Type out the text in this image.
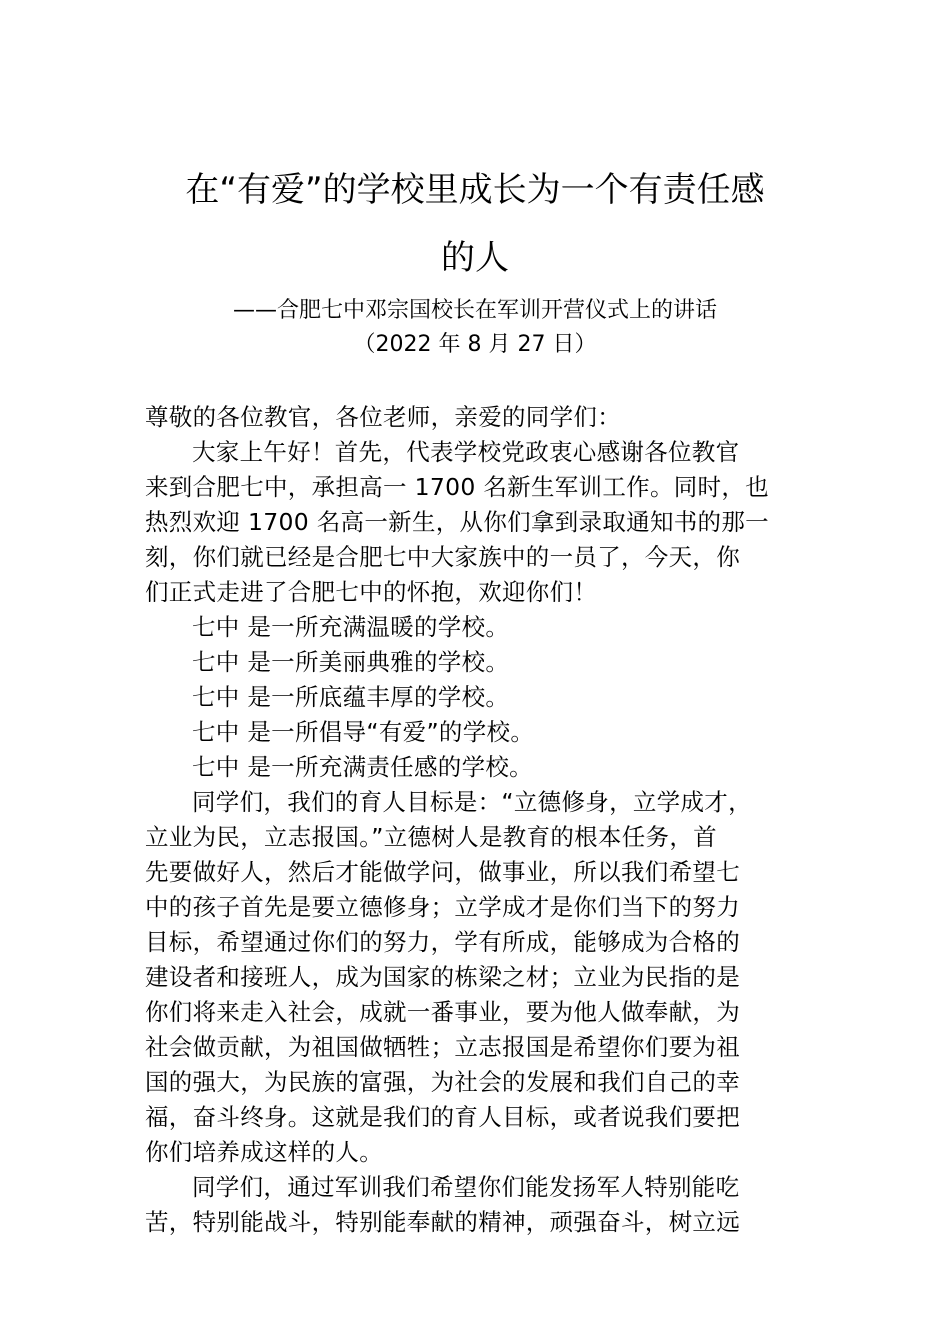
在“有爱”的学校里成长为一个有责任感
的人

——合肥七中邓宗国校长在军训开营仪式上的讲话

（2022 年 8 月 27 日）

尊敬的各位教官，各位老师，亲爱的同学们：

大家上午好！首先，代表学校党政衷心感谢各位教官

来到合肥七中，承担高一 1700 名新生军训工作。同时，也

热烈欢迎 1700 名高一新生，从你们拿到录取通知书的那一

刻，你们就已经是合肥七中大家族中的一员了，今天，你

们正式走进了合肥七中的怀抱，欢迎你们！

七中 是一所充满温暖的学校。

七中 是一所美丽典雅的学校。

七中 是一所底蕴丰厚的学校。

七中 是一所倡导“有爱”的学校。

七中 是一所充满责任感的学校。

同学们，我们的育人目标是：“立德修身，立学成才，

立业为民，立志报国。”立德树人是教育的根本任务，首

先要做好人，然后才能做学问，做事业，所以我们希望七

中的孩子首先是要立德修身；立学成才是你们当下的努力

目标，希望通过你们的努力，学有所成，能够成为合格的

建设者和接班人，成为国家的栋梁之材；立业为民指的是

你们将来走入社会，成就一番事业，要为他人做奉献，为

社会做贡献，为祖国做牺牲；立志报国是希望你们要为祖

国的强大，为民族的富强，为社会的发展和我们自己的幸

福，奋斗终身。这就是我们的育人目标，或者说我们要把

你们培养成这样的人。

同学们，通过军训我们希望你们能发扬军人特别能吃

苦，特别能战斗，特别能奉献的精神，顽强奋斗，树立远
